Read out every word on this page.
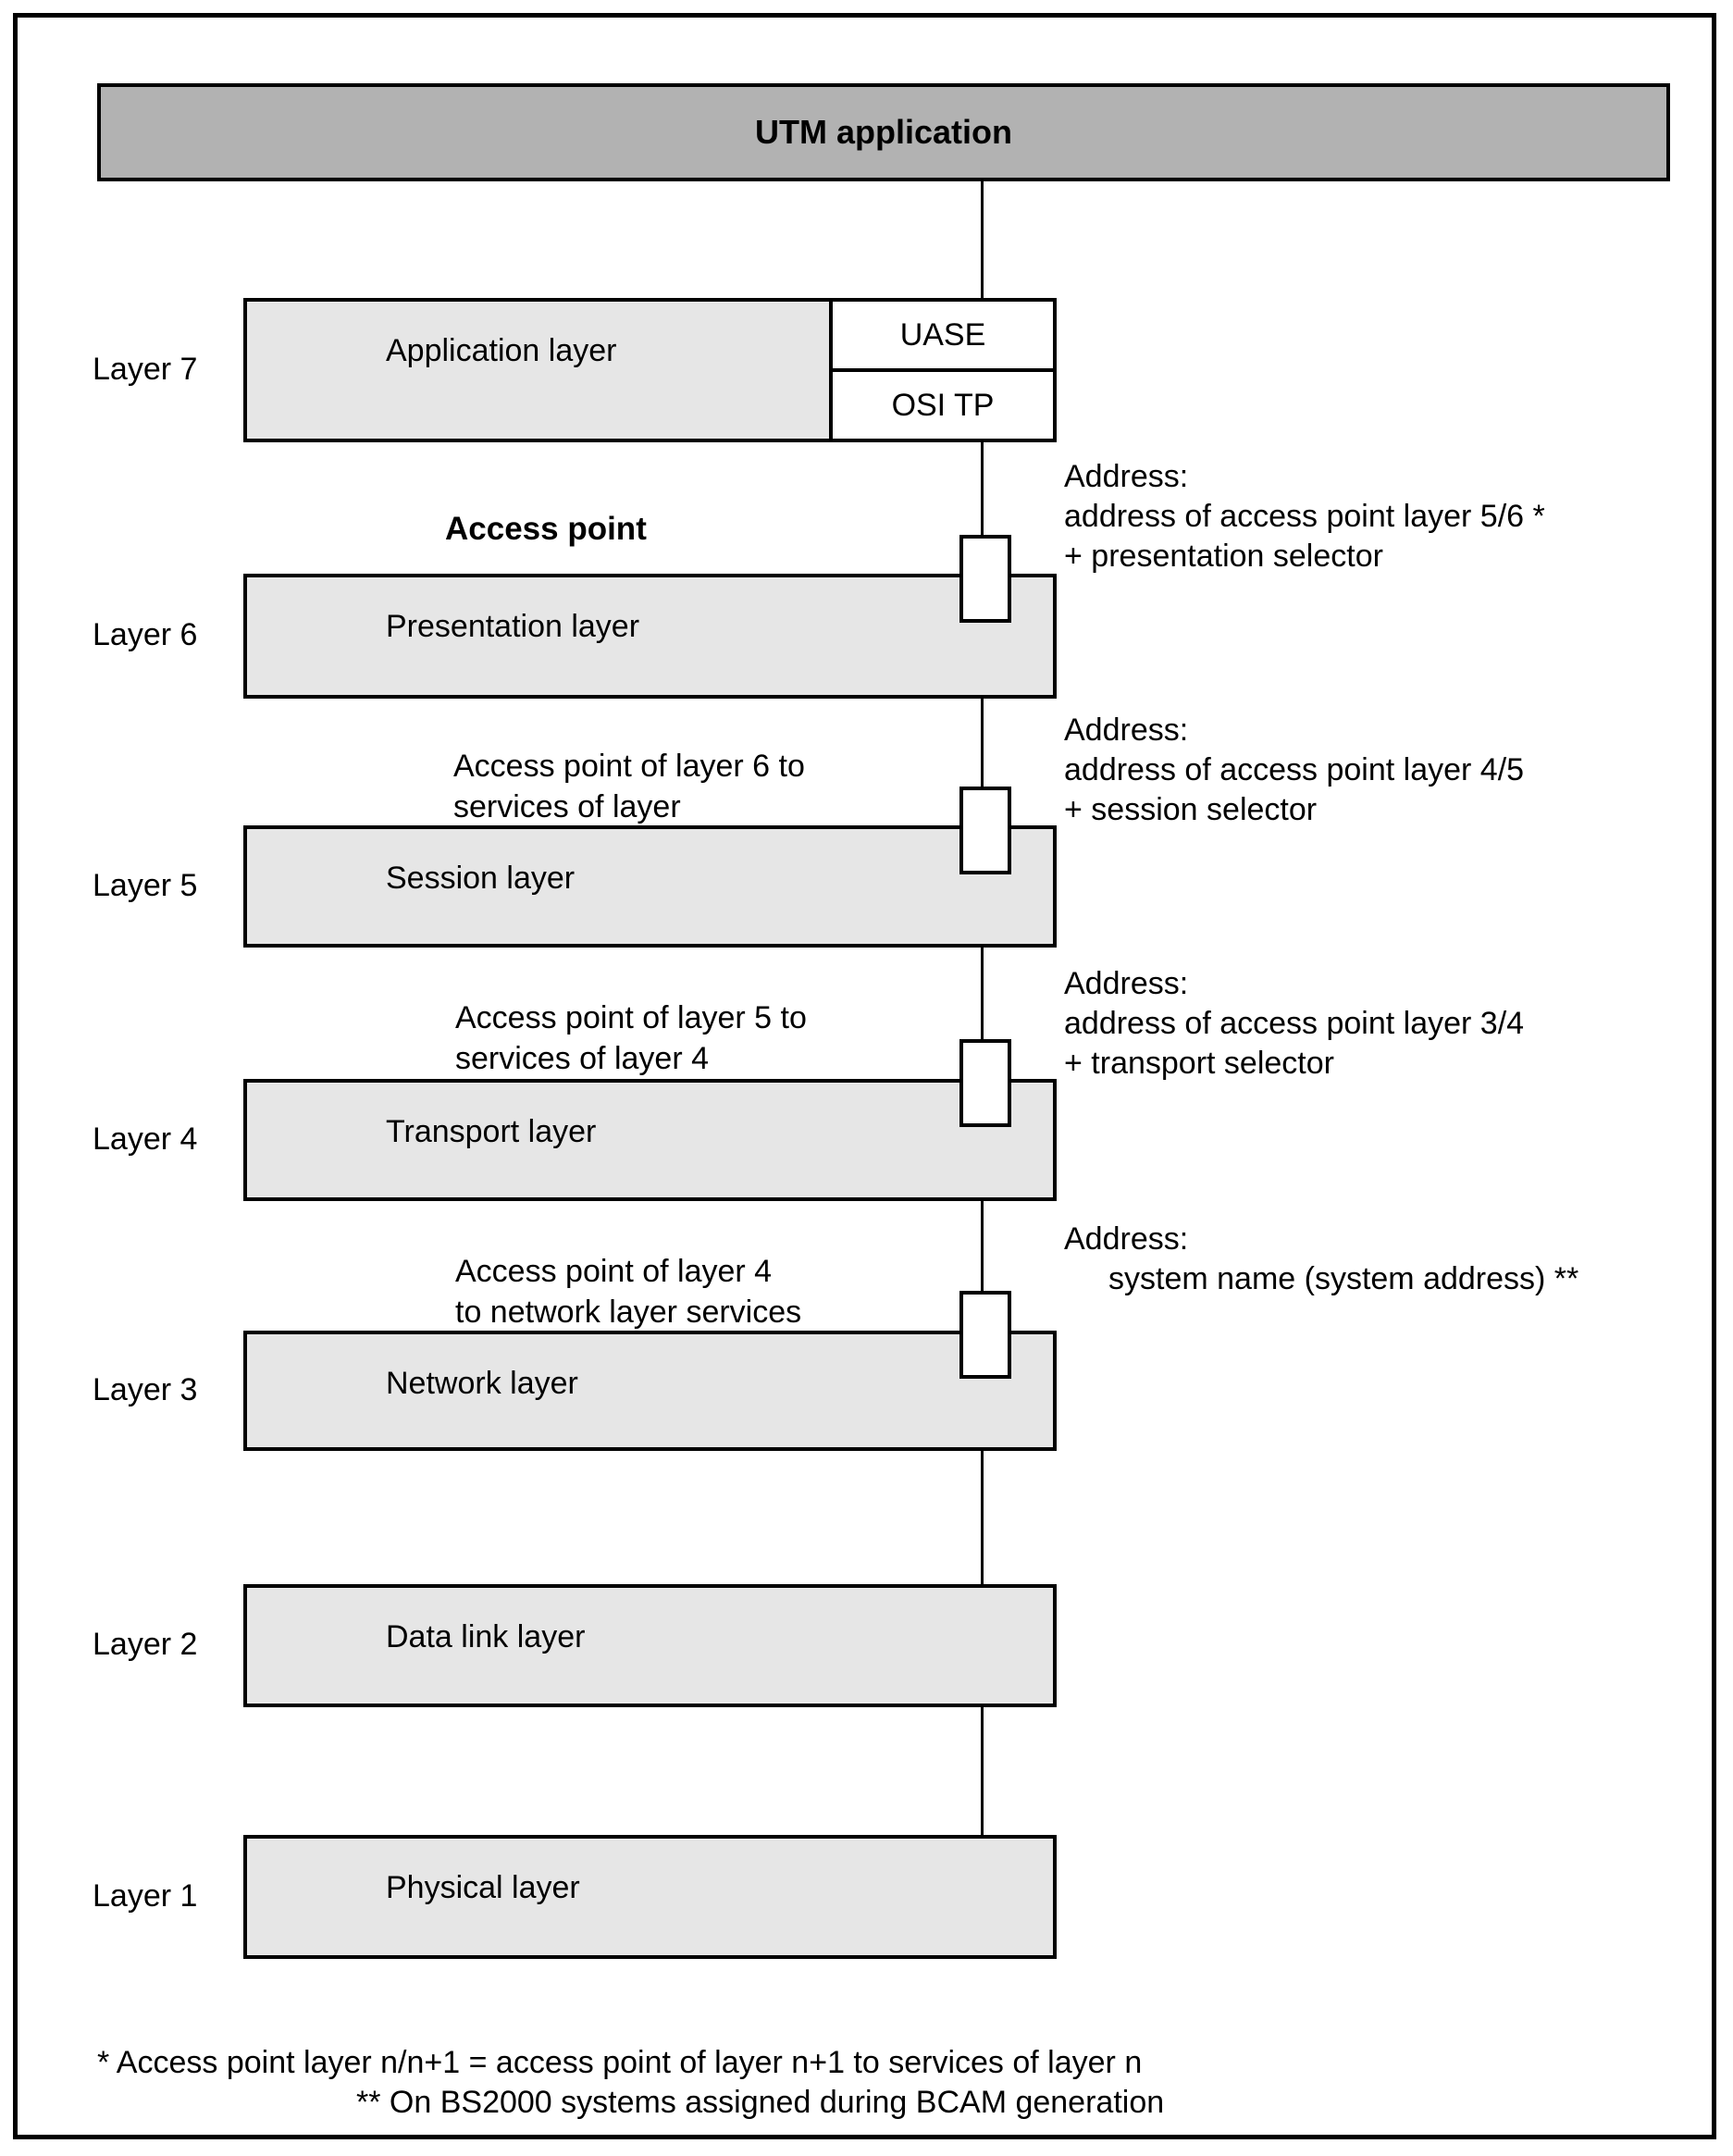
UTM application
Layer 7
Application layer	UASE
OSI TP
Access point
Address:
address of access point layer 5/6 *
+ presentation selector
Layer 6	Presentation layer
Access point of layer 6 to
services of layer
Address:
address of access point layer 4/5
+ session selector
Layer 5	Session layer
Access point of layer 5 to
services of layer 4
Address:
address of access point layer 3/4
+ transport selector
Layer 4	Transport layer
Access point of layer 4
to network layer services
Address:
system name (system address) **
Layer 3	Network layer
Layer 2	Data link layer
Layer 1	Physical layer
* Access point layer n/n+1 = access point of layer n+1 to services of layer n
** On BS2000 systems assigned during BCAM generation
